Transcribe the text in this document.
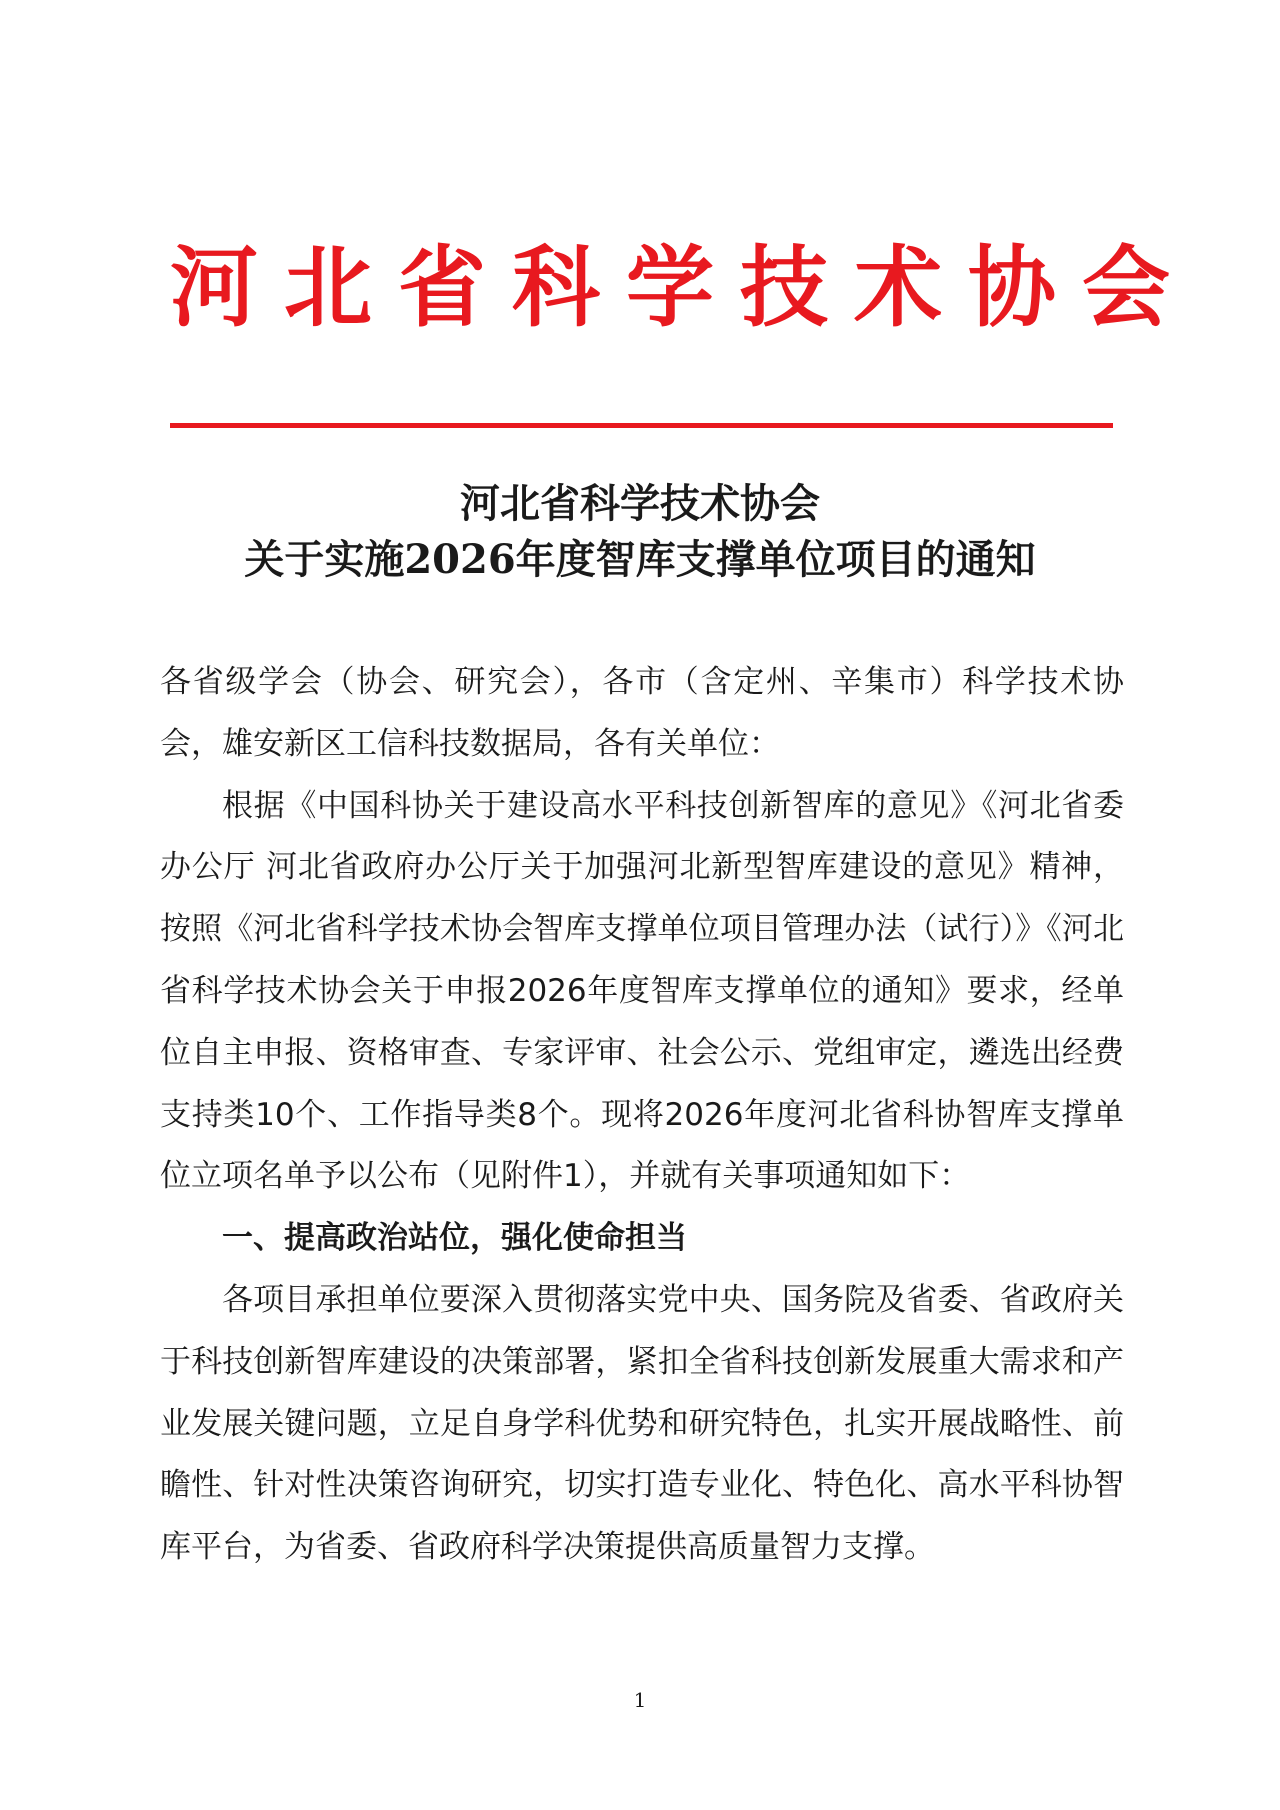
河北省科学技术协会
河北省科学技术协会
关于实施2026年度智库支撑单位项目的通知

各省级学会（协会、研究会），各市（含定州、辛集市）科学技术协会，雄安新区工信科技数据局，各有关单位：

根据《中国科协关于建设高水平科技创新智库的意见》《河北省委办公厅 河北省政府办公厅关于加强河北新型智库建设的意见》精神，按照《河北省科学技术协会智库支撑单位项目管理办法（试行）》《河北省科学技术协会关于申报2026年度智库支撑单位的通知》要求，经单位自主申报、资格审查、专家评审、社会公示、党组审定，遴选出经费支持类10个、工作指导类8个。现将2026年度河北省科协智库支撑单位立项名单予以公布（见附件1），并就有关事项通知如下：

一、提高政治站位，强化使命担当

各项目承担单位要深入贯彻落实党中央、国务院及省委、省政府关于科技创新智库建设的决策部署，紧扣全省科技创新发展重大需求和产业发展关键问题，立足自身学科优势和研究特色，扎实开展战略性、前瞻性、针对性决策咨询研究，切实打造专业化、特色化、高水平科协智库平台，为省委、省政府科学决策提供高质量智力支撑。

1
